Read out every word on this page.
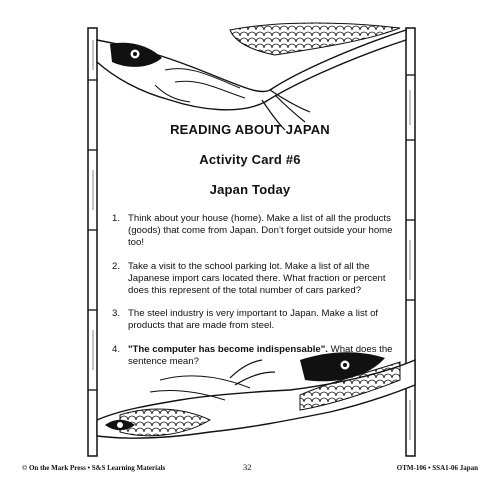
READING ABOUT JAPAN
Activity Card #6
Japan Today
1. Think about your house (home). Make a list of all the products (goods) that come from Japan. Don’t forget outside your home too!
2. Take a visit to the school parking lot. Make a list of all the Japanese import cars located there. What fraction or percent does this represent of the total number of cars parked?
3. The steel industry is very important to Japan. Make a list of products that are made from steel.
4. "The computer has become indispensable". What does the sentence mean?
© On the Mark Press • S&S Learning Materials	32	OTM-106 • SSA1-06 Japan
